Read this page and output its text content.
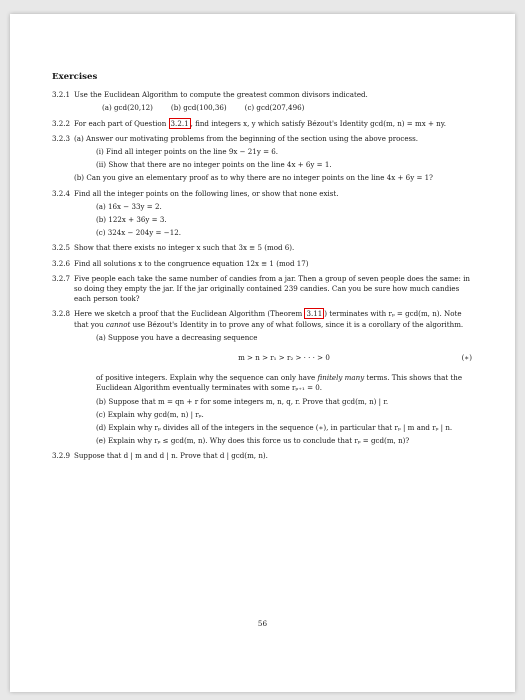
Exercises
3.2.1 Use the Euclidean Algorithm to compute the greatest common divisors indicated.

(a) gcd(20,12)	(b) gcd(100,36)	(c) gcd(207,496)
3.2.2 For each part of Question 3.2.1 , find integers x, y which satisfy Bézout's Identity gcd(m, n) = mx + ny.

3.2.3 (a) Answer our motivating problems from the beginning of the section using the above process.

(i) Find all integer points on the line 9x − 21y = 6.
(ii) Show that there are no integer points on the line 4x + 6y = 1.

(b) Can you give an elementary proof as to why there are no integer points on the line 4x + 6y = 1?

3.2.4 Find all the integer points on the following lines, or show that none exist.

(a) 16x − 33y = 2.
(b) 122x + 36y = 3.
(c) 324x − 204y = −12.
3.2.5 Show that there exists no integer x such that 3x ≡ 5 (mod 6).

3.2.6 Find all solutions x to the congruence equation 12x ≡ 1 (mod 17)

3.2.7 Five people each take the same number of candies from a jar. Then a group of seven people does the same: in so doing they empty the jar. If the jar originally contained 239 candies. Can you be sure how much candies each person took?

3.2.8 Here we sketch a proof that the Euclidean Algorithm (Theorem 3.11 ) terminates with rₚ = gcd(m, n). Note that you cannot use Bézout's Identity in to prove any of what follows, since it is a corollary of the algorithm.

(a) Suppose you have a decreasing sequence
m > n > r₁ > r₂ > · · · > 0	(∗)
of positive integers. Explain why the sequence can only have finitely many terms. This shows that the Euclidean Algorithm eventually terminates with some rₚ₊₁ = 0.
(b) Suppose that m = qn + r for some integers m, n, q, r. Prove that gcd(m, n) | r.
(c) Explain why gcd(m, n) | rₚ.
(d) Explain why rₚ divides all of the integers in the sequence (∗), in particular that rₚ | m and rₚ | n.
(e) Explain why rₚ ≤ gcd(m, n). Why does this force us to conclude that rₚ = gcd(m, n)?
3.2.9 Suppose that d | m and d | n. Prove that d | gcd(m, n).

56
